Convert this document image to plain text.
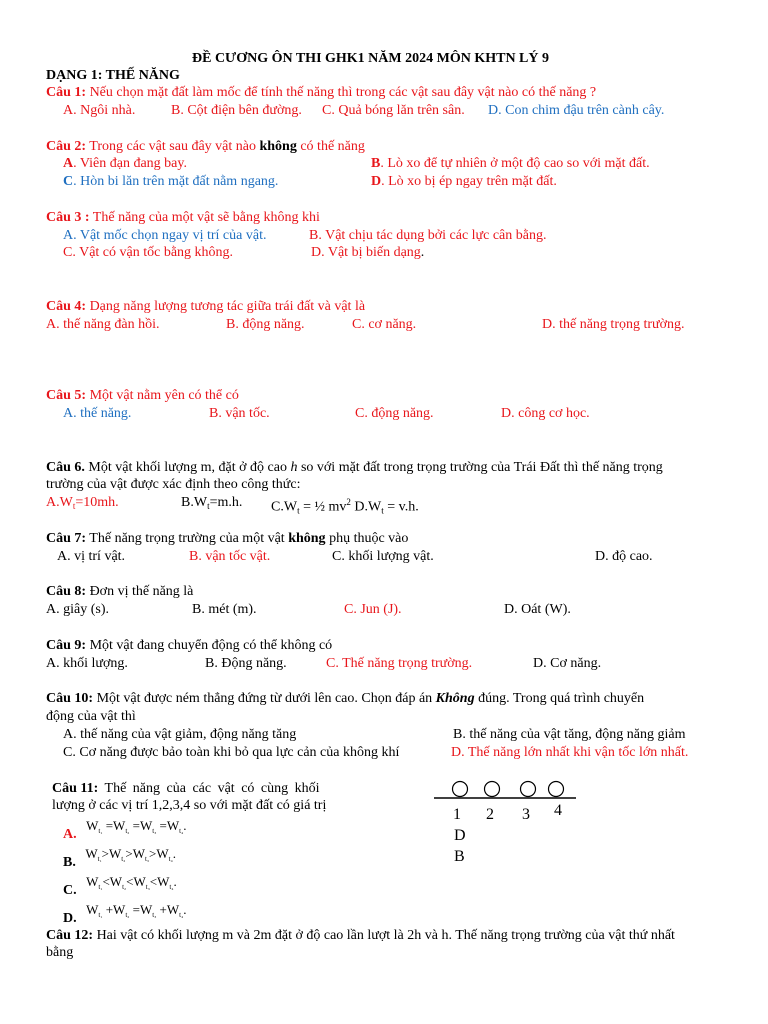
ĐỀ CƯƠNG ÔN THI GHK1 NĂM 2024 MÔN KHTN LÝ 9
DẠNG 1: THẾ NĂNG
Câu 1: Nếu chọn mặt đất làm mốc để tính thế năng thì trong các vật sau đây vật nào có thế năng ?
A. Ngôi nhà.	B. Cột điện bên đường. C. Quả bóng lăn trên sân. D. Con chim đậu trên cành cây.
Câu 2: Trong các vật sau đây vật nào không có thế năng
A. Viên đạn đang bay.	B. Lò xo để tự nhiên ở một độ cao so với mặt đất.
C. Hòn bi lăn trên mặt đất nằm ngang.	D. Lò xo bị ép ngay trên mặt đất.
Câu 3 : Thế năng của một vật sẽ bằng không khi
A. Vật mốc chọn ngay vị trí của vật.	B. Vật chịu tác dụng bởi các lực cân bằng.
C. Vật có vận tốc bằng không.	D. Vật bị biến dạng.
Câu 4: Dạng năng lượng tương tác giữa trái đất và vật là
A. thế năng đàn hồi.	B. động năng.	C. cơ năng.	D. thế năng trọng trường.
Câu 5: Một vật nằm yên có thể có
A. thế năng.	B. vận tốc.	C. động năng.	D. công cơ học.
Câu 6. Một vật khối lượng m, đặt ở độ cao h so với mặt đất trong trọng trường của Trái Đất thì thế năng trọng
trường của vật được xác định theo công thức:
$A.W_t=10mh$.	$B.W_t=m.h$. $C.W_t$ = ½ $mv^2$ $D.W_t = v.h$.
Câu 7: Thế năng trọng trường của một vật không phụ thuộc vào
A. vị trí vật.	B. vận tốc vật.	C. khối lượng vật.	D. độ cao.
Câu 8: Đơn vị thế năng là
A. giây (s).	B. mét (m).	C. Jun (J).	D. Oát (W).
Câu 9: Một vật đang chuyển động có thể không có
A. khối lượng.	B. Động năng.	C. Thế năng trọng trường.	D. Cơ năng.
Câu 10: Một vật được ném thẳng đứng từ dưới lên cao. Chọn đáp án Không đúng. Trong quá trình chuyển
động của vật thì
A. thế năng của vật giảm, động năng tăng	B. thế năng của vật tăng, động năng giảm
C. Cơ năng được bảo toàn khi bỏ qua lực cản của không khí	D. Thế năng lớn nhất khi vận tốc lớn nhất.
Câu 11: Thế năng của các vật có cùng khối
lượng ở các vị trí 1,2,3,4 so với mặt đất có giá trị
A. $W_{t_1} =W_{t_2} =W_{t_3} =W_{t_4}$.
B. $W_{t_1}>W_{t_2}>W_{t_3}>W_{t_4}$.
C. $W_{t_1}<W_{t_2}<W_{t_3}<W_{t_4}$.
D. $W_{t_1} +W_{t_2} =W_{t_3} +W_{t_4}$.
1 2 3 4
D
B
Câu 12: Hai vật có khối lượng m và 2m đặt ở độ cao lần lượt là 2h và h. Thế năng trọng trường của vật thứ nhất
bằng
